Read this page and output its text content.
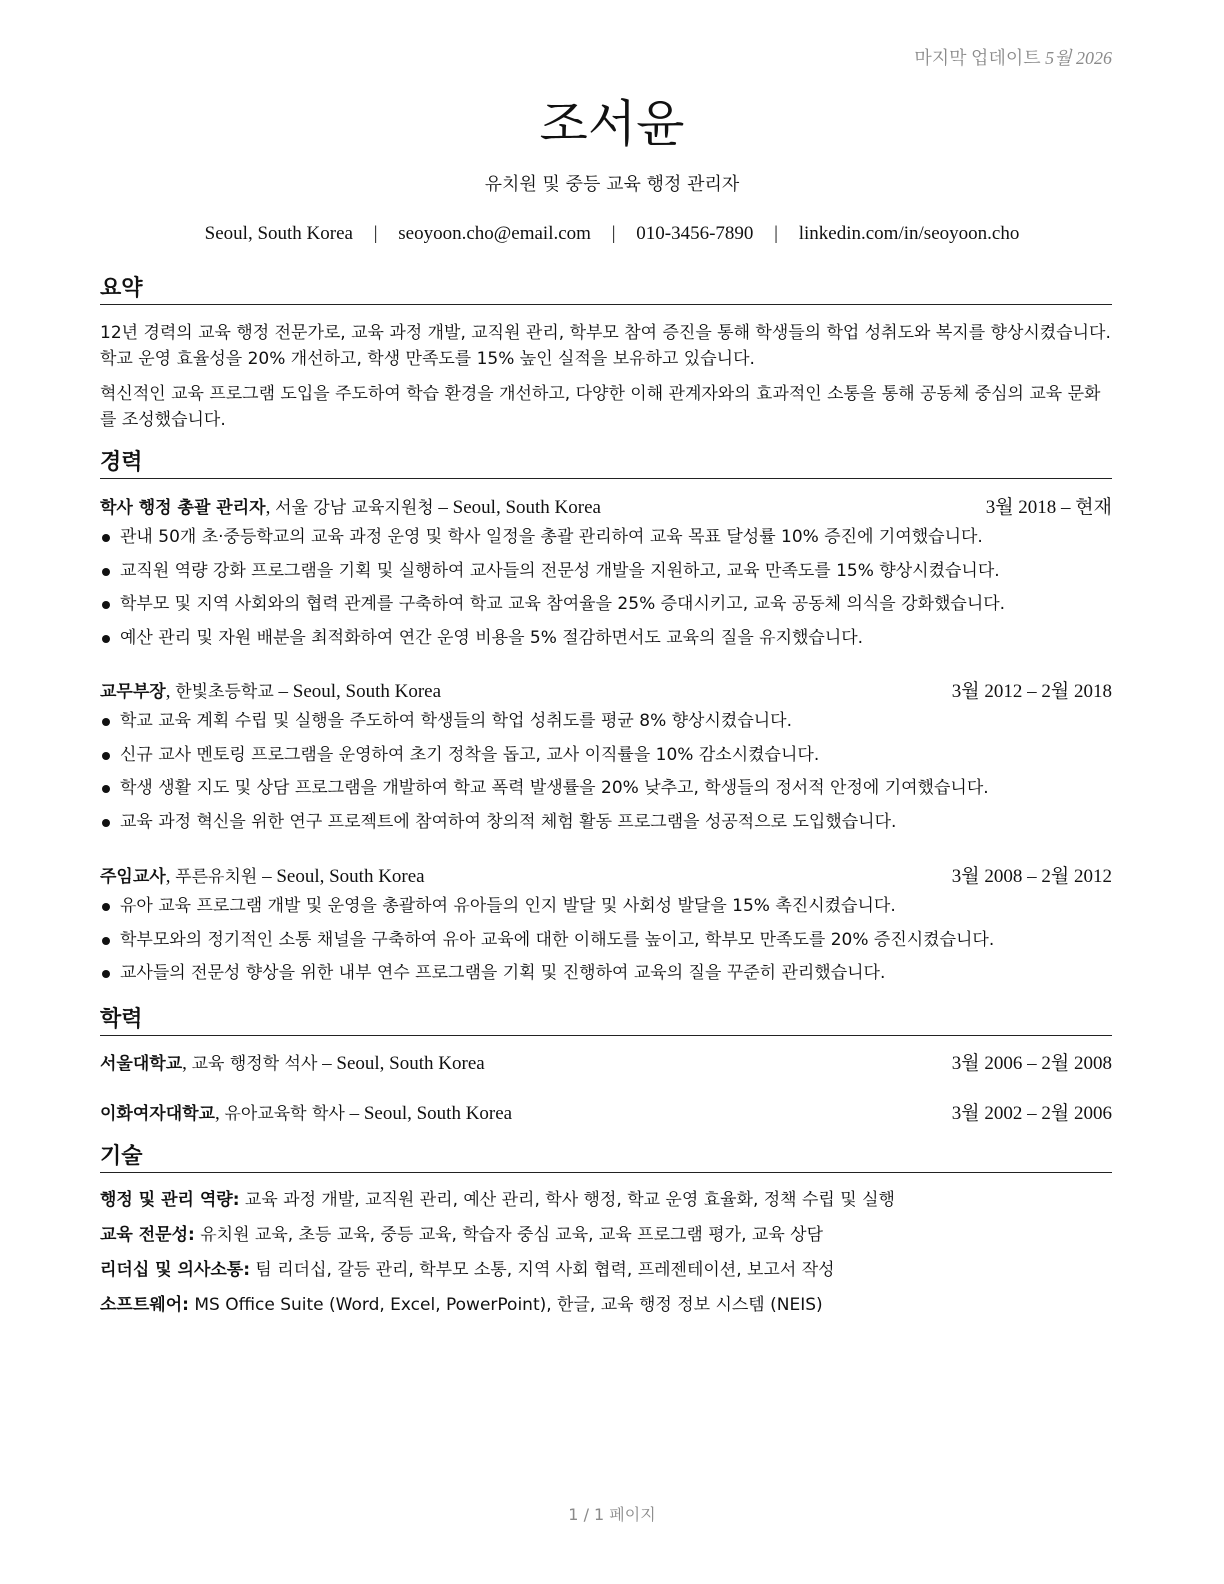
마지막 업데이트 5월 2026
조서윤
유치원 및 중등 교육 행정 관리자
Seoul, South Korea | seoyoon.cho@email.com | 010-3456-7890 | linkedin.com/in/seoyoon.cho
요약
12년 경력의 교육 행정 전문가로, 교육 과정 개발, 교직원 관리, 학부모 참여 증진을 통해 학생들의 학업 성취도와 복지를 향상시켰습니다. 학교 운영 효율성을 20% 개선하고, 학생 만족도를 15% 높인 실적을 보유하고 있습니다.
혁신적인 교육 프로그램 도입을 주도하여 학습 환경을 개선하고, 다양한 이해 관계자와의 효과적인 소통을 통해 공동체 중심의 교육 문화를 조성했습니다.
경력
학사 행정 총괄 관리자, 서울 강남 교육지원청 – Seoul, South Korea	3월 2018 – 현재
관내 50개 초·중등학교의 교육 과정 운영 및 학사 일정을 총괄 관리하여 교육 목표 달성률 10% 증진에 기여했습니다.
교직원 역량 강화 프로그램을 기획 및 실행하여 교사들의 전문성 개발을 지원하고, 교육 만족도를 15% 향상시켰습니다.
학부모 및 지역 사회와의 협력 관계를 구축하여 학교 교육 참여율을 25% 증대시키고, 교육 공동체 의식을 강화했습니다.
예산 관리 및 자원 배분을 최적화하여 연간 운영 비용을 5% 절감하면서도 교육의 질을 유지했습니다.
교무부장, 한빛초등학교 – Seoul, South Korea	3월 2012 – 2월 2018
학교 교육 계획 수립 및 실행을 주도하여 학생들의 학업 성취도를 평균 8% 향상시켰습니다.
신규 교사 멘토링 프로그램을 운영하여 초기 정착을 돕고, 교사 이직률을 10% 감소시켰습니다.
학생 생활 지도 및 상담 프로그램을 개발하여 학교 폭력 발생률을 20% 낮추고, 학생들의 정서적 안정에 기여했습니다.
교육 과정 혁신을 위한 연구 프로젝트에 참여하여 창의적 체험 활동 프로그램을 성공적으로 도입했습니다.
주임교사, 푸른유치원 – Seoul, South Korea	3월 2008 – 2월 2012
유아 교육 프로그램 개발 및 운영을 총괄하여 유아들의 인지 발달 및 사회성 발달을 15% 촉진시켰습니다.
학부모와의 정기적인 소통 채널을 구축하여 유아 교육에 대한 이해도를 높이고, 학부모 만족도를 20% 증진시켰습니다.
교사들의 전문성 향상을 위한 내부 연수 프로그램을 기획 및 진행하여 교육의 질을 꾸준히 관리했습니다.
학력
서울대학교, 교육 행정학 석사 – Seoul, South Korea	3월 2006 – 2월 2008
이화여자대학교, 유아교육학 학사 – Seoul, South Korea	3월 2002 – 2월 2006
기술
행정 및 관리 역량: 교육 과정 개발, 교직원 관리, 예산 관리, 학사 행정, 학교 운영 효율화, 정책 수립 및 실행
교육 전문성: 유치원 교육, 초등 교육, 중등 교육, 학습자 중심 교육, 교육 프로그램 평가, 교육 상담
리더십 및 의사소통: 팀 리더십, 갈등 관리, 학부모 소통, 지역 사회 협력, 프레젠테이션, 보고서 작성
소프트웨어: MS Office Suite (Word, Excel, PowerPoint), 한글, 교육 행정 정보 시스템 (NEIS)
1 / 1 페이지
